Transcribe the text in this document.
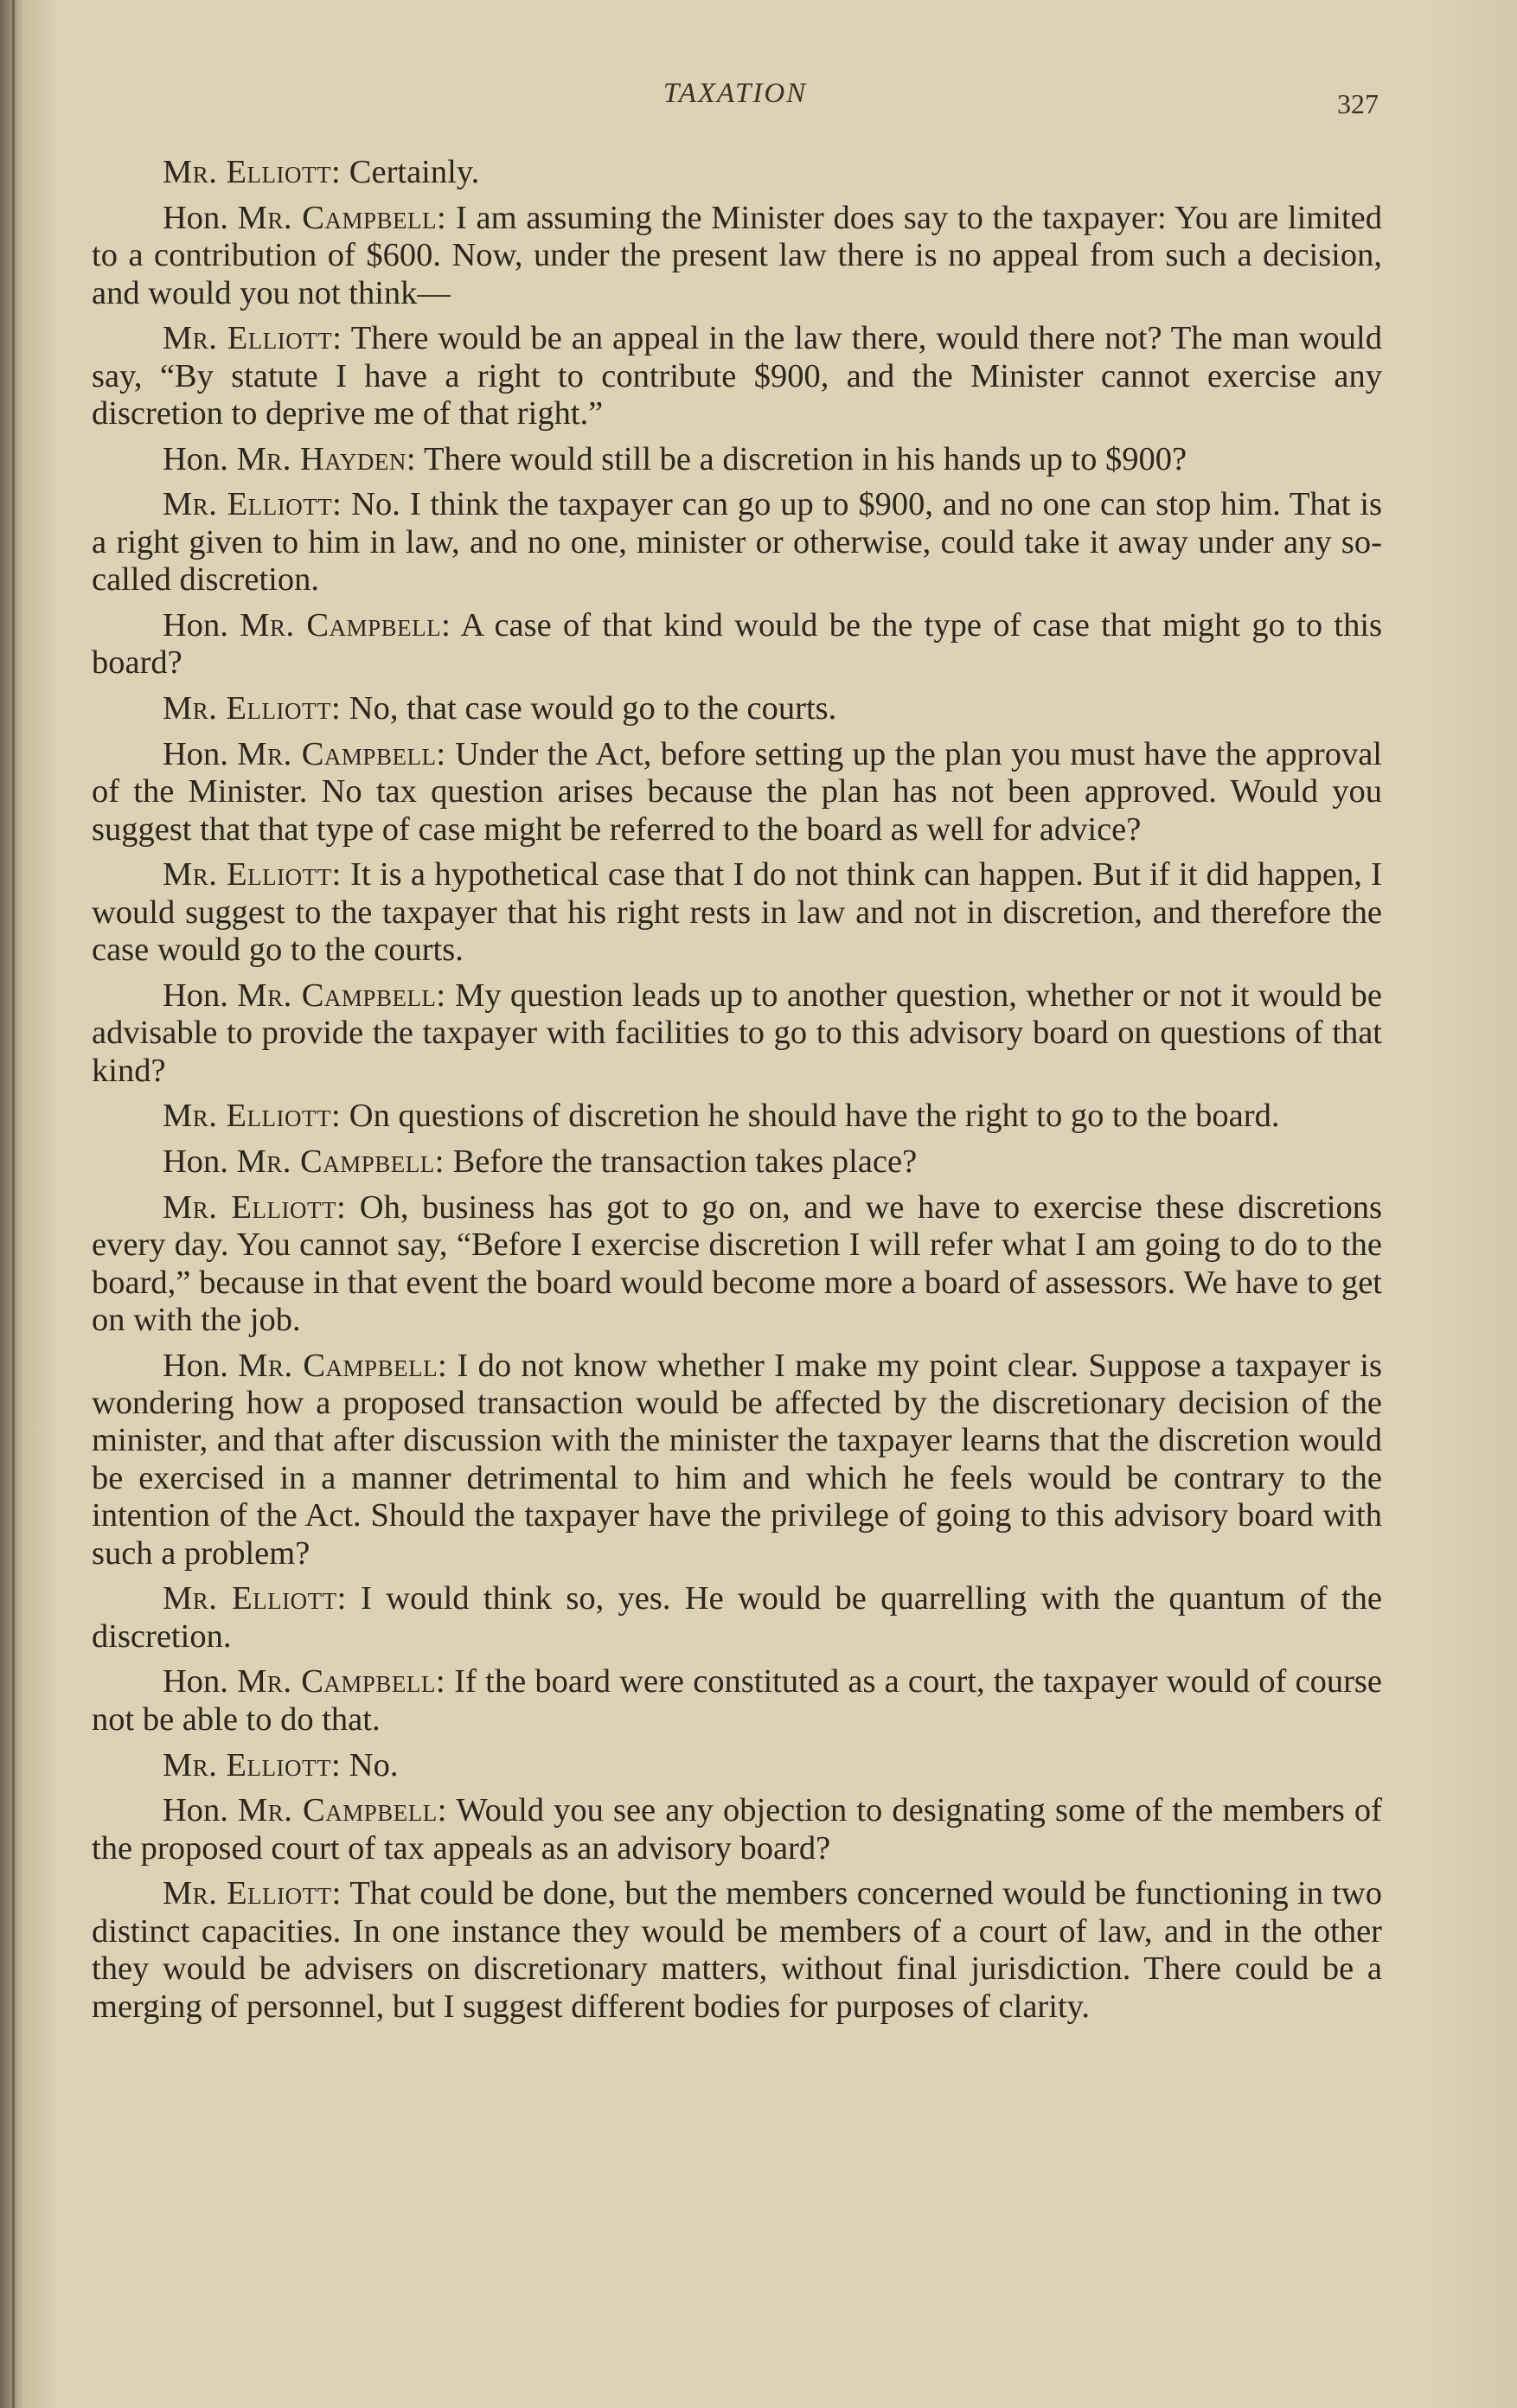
TAXATION	327

Mr. Elliott: Certainly.

Hon. Mr. Campbell: I am assuming the Minister does say to the taxpayer: You are limited to a contribution of $600. Now, under the present law there is no appeal from such a decision, and would you not think—

Mr. Elliott: There would be an appeal in the law there, would there not? The man would say, “By statute I have a right to contribute $900, and the Minister cannot exercise any discretion to deprive me of that right.”

Hon. Mr. Hayden: There would still be a discretion in his hands up to $900?

Mr. Elliott: No. I think the taxpayer can go up to $900, and no one can stop him. That is a right given to him in law, and no one, minister or otherwise, could take it away under any so-called discretion.

Hon. Mr. Campbell: A case of that kind would be the type of case that might go to this board?

Mr. Elliott: No, that case would go to the courts.

Hon. Mr. Campbell: Under the Act, before setting up the plan you must have the approval of the Minister. No tax question arises because the plan has not been approved. Would you suggest that that type of case might be referred to the board as well for advice?

Mr. Elliott: It is a hypothetical case that I do not think can happen. But if it did happen, I would suggest to the taxpayer that his right rests in law and not in discretion, and therefore the case would go to the courts.

Hon. Mr. Campbell: My question leads up to another question, whether or not it would be advisable to provide the taxpayer with facilities to go to this advisory board on questions of that kind?

Mr. Elliott: On questions of discretion he should have the right to go to the board.

Hon. Mr. Campbell: Before the transaction takes place?

Mr. Elliott: Oh, business has got to go on, and we have to exercise these discretions every day. You cannot say, “Before I exercise discretion I will refer what I am going to do to the board,” because in that event the board would become more a board of assessors. We have to get on with the job.

Hon. Mr. Campbell: I do not know whether I make my point clear. Suppose a taxpayer is wondering how a proposed transaction would be affected by the discretionary decision of the minister, and that after discussion with the minister the taxpayer learns that the discretion would be exercised in a manner detrimental to him and which he feels would be contrary to the intention of the Act. Should the taxpayer have the privilege of going to this advisory board with such a problem?

Mr. Elliott: I would think so, yes. He would be quarrelling with the quantum of the discretion.

Hon. Mr. Campbell: If the board were constituted as a court, the taxpayer would of course not be able to do that.

Mr. Elliott: No.

Hon. Mr. Campbell: Would you see any objection to designating some of the members of the proposed court of tax appeals as an advisory board?

Mr. Elliott: That could be done, but the members concerned would be functioning in two distinct capacities. In one instance they would be members of a court of law, and in the other they would be advisers on discretionary matters, without final jurisdiction. There could be a merging of personnel, but I suggest different bodies for purposes of clarity.
